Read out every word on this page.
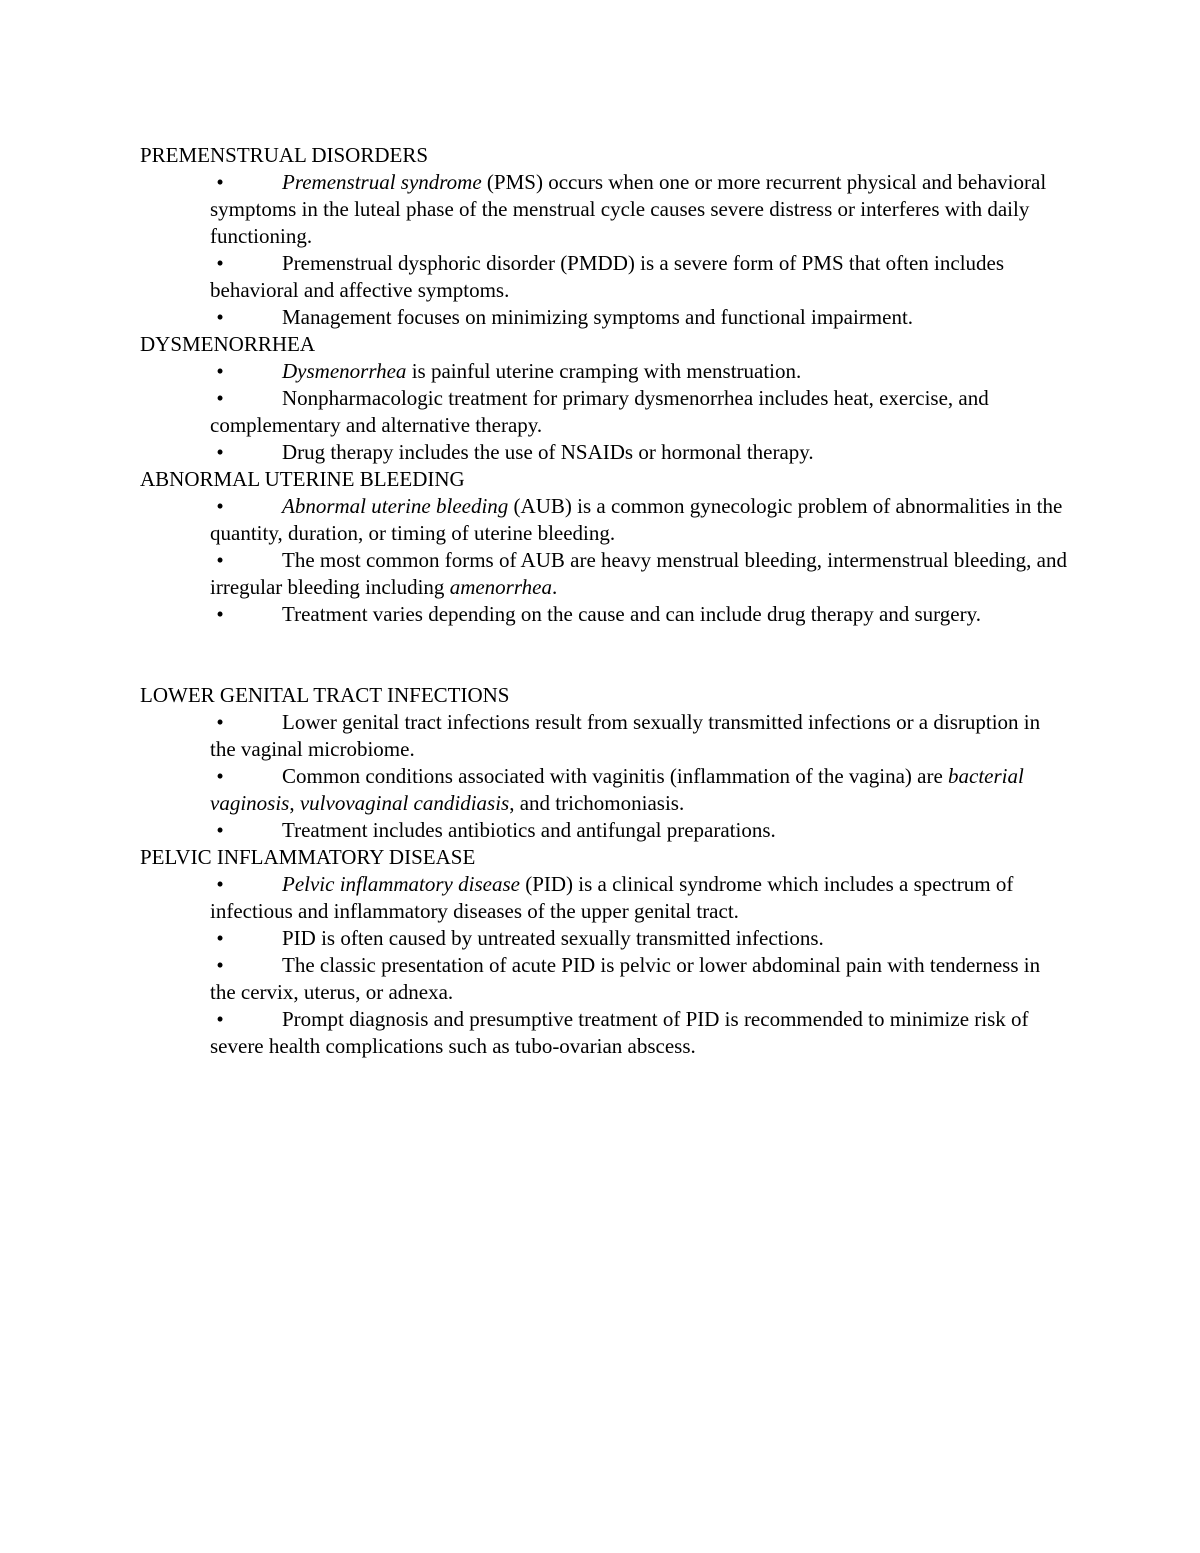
PREMENSTRUAL DISORDERS
•	Premenstrual syndrome (PMS) occurs when one or more recurrent physical and behavioral symptoms in the luteal phase of the menstrual cycle causes severe distress or interferes with daily functioning.
•	Premenstrual dysphoric disorder (PMDD) is a severe form of PMS that often includes behavioral and affective symptoms.
•	Management focuses on minimizing symptoms and functional impairment.
DYSMENORRHEA
•	Dysmenorrhea is painful uterine cramping with menstruation.
•	Nonpharmacologic treatment for primary dysmenorrhea includes heat, exercise, and complementary and alternative therapy.
•	Drug therapy includes the use of NSAIDs or hormonal therapy.
ABNORMAL UTERINE BLEEDING
•	Abnormal uterine bleeding (AUB) is a common gynecologic problem of abnormalities in the quantity, duration, or timing of uterine bleeding.
•	The most common forms of AUB are heavy menstrual bleeding, intermenstrual bleeding, and irregular bleeding including amenorrhea.
•	Treatment varies depending on the cause and can include drug therapy and surgery.
LOWER GENITAL TRACT INFECTIONS
•	Lower genital tract infections result from sexually transmitted infections or a disruption in the vaginal microbiome.
•	Common conditions associated with vaginitis (inflammation of the vagina) are bacterial vaginosis, vulvovaginal candidiasis, and trichomoniasis.
•	Treatment includes antibiotics and antifungal preparations.
PELVIC INFLAMMATORY DISEASE
•	Pelvic inflammatory disease (PID) is a clinical syndrome which includes a spectrum of infectious and inflammatory diseases of the upper genital tract.
•	PID is often caused by untreated sexually transmitted infections.
•	The classic presentation of acute PID is pelvic or lower abdominal pain with tenderness in the cervix, uterus, or adnexa.
•	Prompt diagnosis and presumptive treatment of PID is recommended to minimize risk of severe health complications such as tubo-ovarian abscess.
